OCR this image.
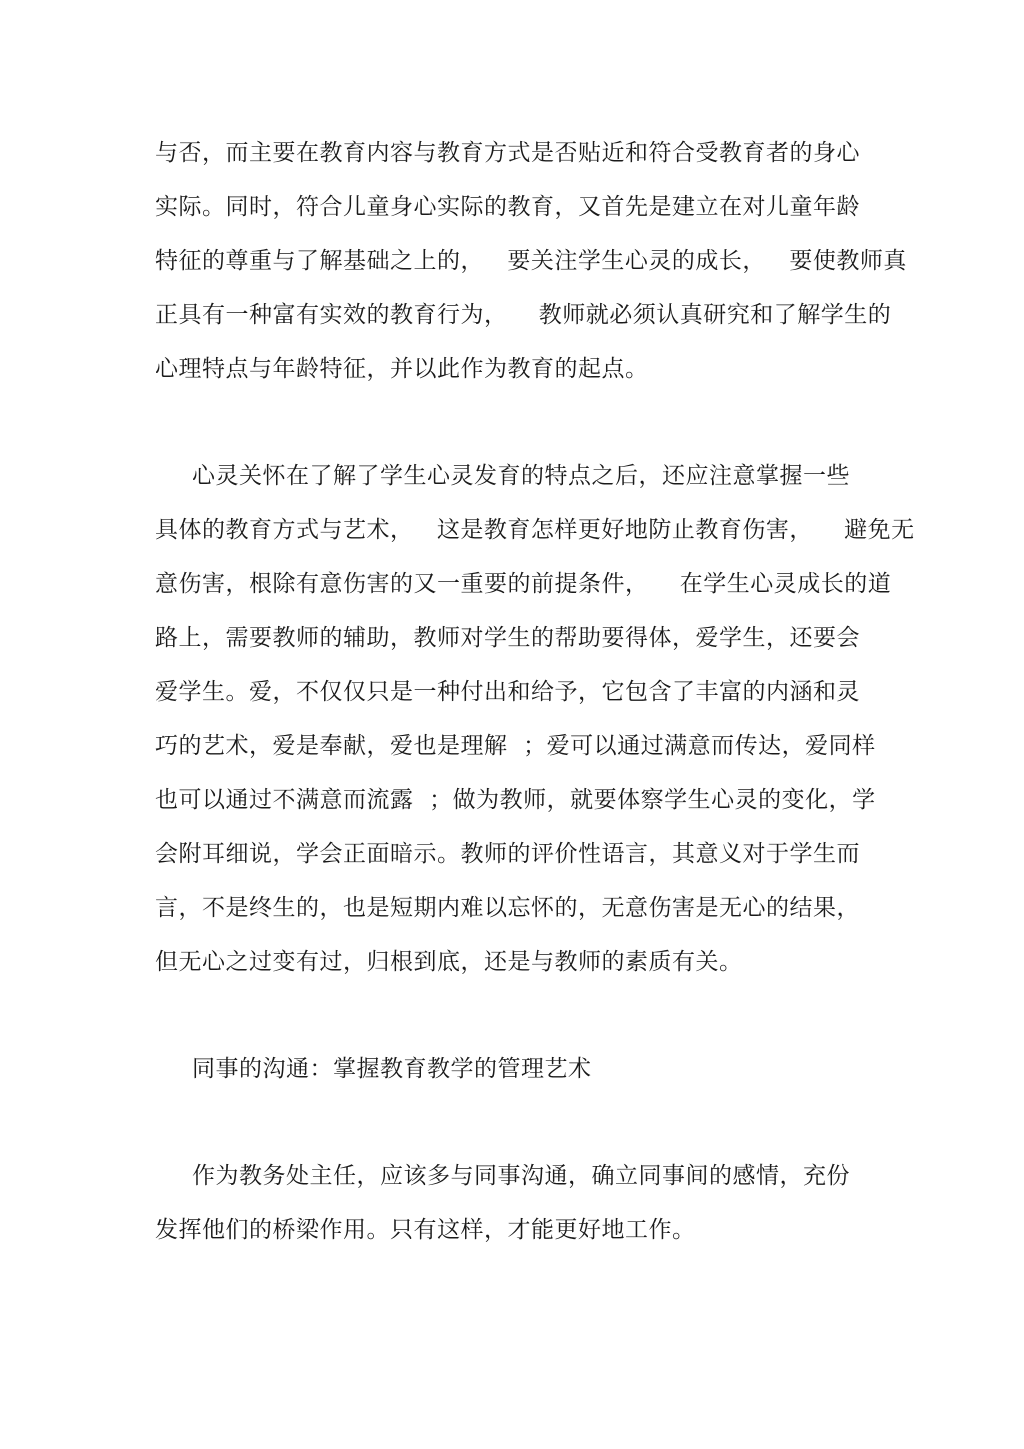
与否，而主要在教育内容与教育方式是否贴近和符合受教育者的身心
实际。同时，符合儿童身心实际的教育，又首先是建立在对儿童年龄
特征的尊重与了解基础之上的，   要关注学生心灵的成长，   要使教师真
正具有一种富有实效的教育行为，    教师就必须认真研究和了解学生的
心理特点与年龄特征，并以此作为教育的起点。
心灵关怀在了解了学生心灵发育的特点之后，还应注意掌握一些
具体的教育方式与艺术，   这是教育怎样更好地防止教育伤害，    避免无
意伤害，根除有意伤害的又一重要的前提条件，    在学生心灵成长的道
路上，需要教师的辅助，教师对学生的帮助要得体，爱学生，还要会
爱学生。爱，不仅仅只是一种付出和给予，它包含了丰富的内涵和灵
巧的艺术，爱是奉献，爱也是理解  ；爱可以通过满意而传达，爱同样
也可以通过不满意而流露  ；做为教师，就要体察学生心灵的变化，学
会附耳细说，学会正面暗示。教师的评价性语言，其意义对于学生而
言，不是终生的，也是短期内难以忘怀的，无意伤害是无心的结果，
但无心之过变有过，归根到底，还是与教师的素质有关。
同事的沟通：掌握教育教学的管理艺术
作为教务处主任，应该多与同事沟通，确立同事间的感情，充份
发挥他们的桥梁作用。只有这样，才能更好地工作。
